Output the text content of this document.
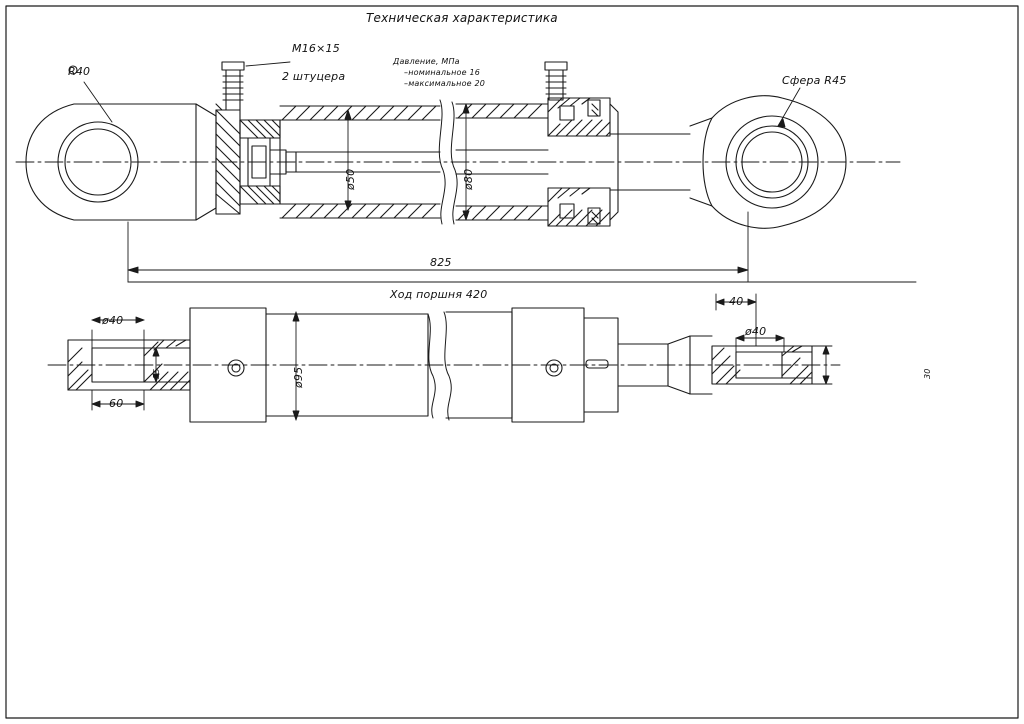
Техническая характеристика
Давление, МПа
–номинальное 16
–максимальное 20
R40
M16×15
2 штуцера	Сфера R45
ø50	ø80
825
Ход поршня 420
ø40
60
35	ø95
40
ø40
30
